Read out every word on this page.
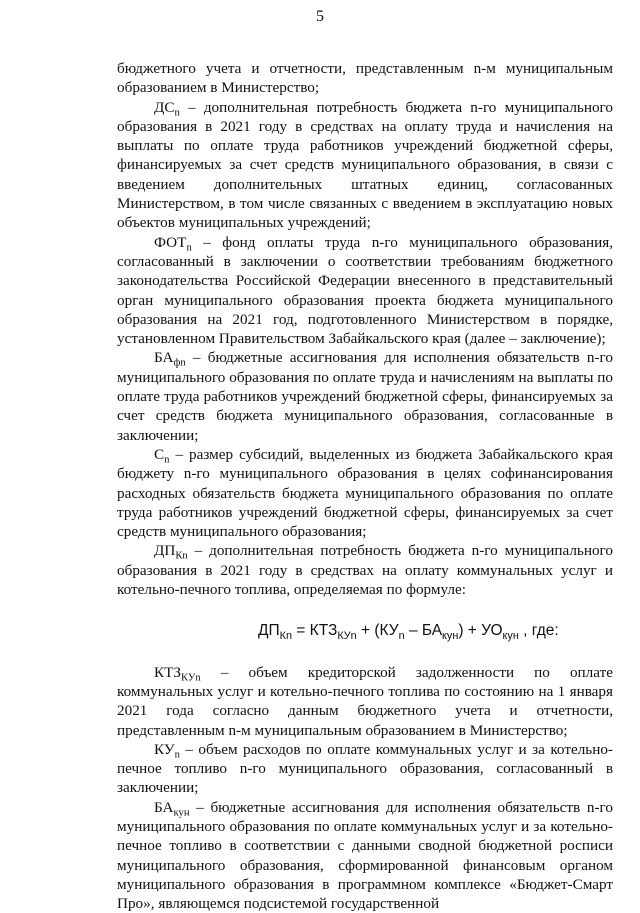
5

бюджетного учета и отчетности, представленным n-м муниципальным образованием в Министерство;

$ДС_n$ – дополнительная потребность бюджета n-го муниципального образования в 2021 году в средствах на оплату труда и начисления на выплаты по оплате труда работников учреждений бюджетной сферы, финансируемых за счет средств муниципального образования, в связи с введением дополнительных штатных единиц, согласованных Министерством, в том числе связанных с введением в эксплуатацию новых объектов муниципальных учреждений;

$ФОТ_n$ – фонд оплаты труда n-го муниципального образования, согласованный в заключении о соответствии требованиям бюджетного законодательства Российской Федерации внесенного в представительный орган муниципального образования проекта бюджета муниципального образования на 2021 год, подготовленного Министерством в порядке, установленном Правительством Забайкальского края (далее – заключение);

$БА_{фn}$ – бюджетные ассигнования для исполнения обязательств n-го муниципального образования по оплате труда и начислениям на выплаты по оплате труда работников учреждений бюджетной сферы, финансируемых за счет средств бюджета муниципального образования, согласованные в заключении;

$С_n$ – размер субсидий, выделенных из бюджета Забайкальского края бюджету n-го муниципального образования в целях софинансирования расходных обязательств бюджета муниципального образования по оплате труда работников учреждений бюджетной сферы, финансируемых за счет средств муниципального образования;

$ДП_{Кn}$ – дополнительная потребность бюджета n-го муниципального образования в 2021 году в средствах на оплату коммунальных услуг и котельно-печного топлива, определяемая по формуле:

$ДП_{Кn} = КТЗ_{КУn} + (КУ_n - БА_{кун}) + УО_{кун}$ , где:

$КТЗ_{КУn}$ – объем кредиторской задолженности по оплате коммунальных услуг и котельно-печного топлива по состоянию на 1 января 2021 года согласно данным бюджетного учета и отчетности, представленным n-м муниципальным образованием в Министерство;

$КУ_n$ – объем расходов по оплате коммунальных услуг и за котельно-печное топливо n-го муниципального образования, согласованный в заключении;

$БА_{кун}$ – бюджетные ассигнования для исполнения обязательств n-го муниципального образования по оплате коммунальных услуг и за котельно-печное топливо в соответствии с данными сводной бюджетной росписи муниципального образования, сформированной финансовым органом муниципального образования в программном комплексе «Бюджет-Смарт Про», являющемся подсистемой государственной
